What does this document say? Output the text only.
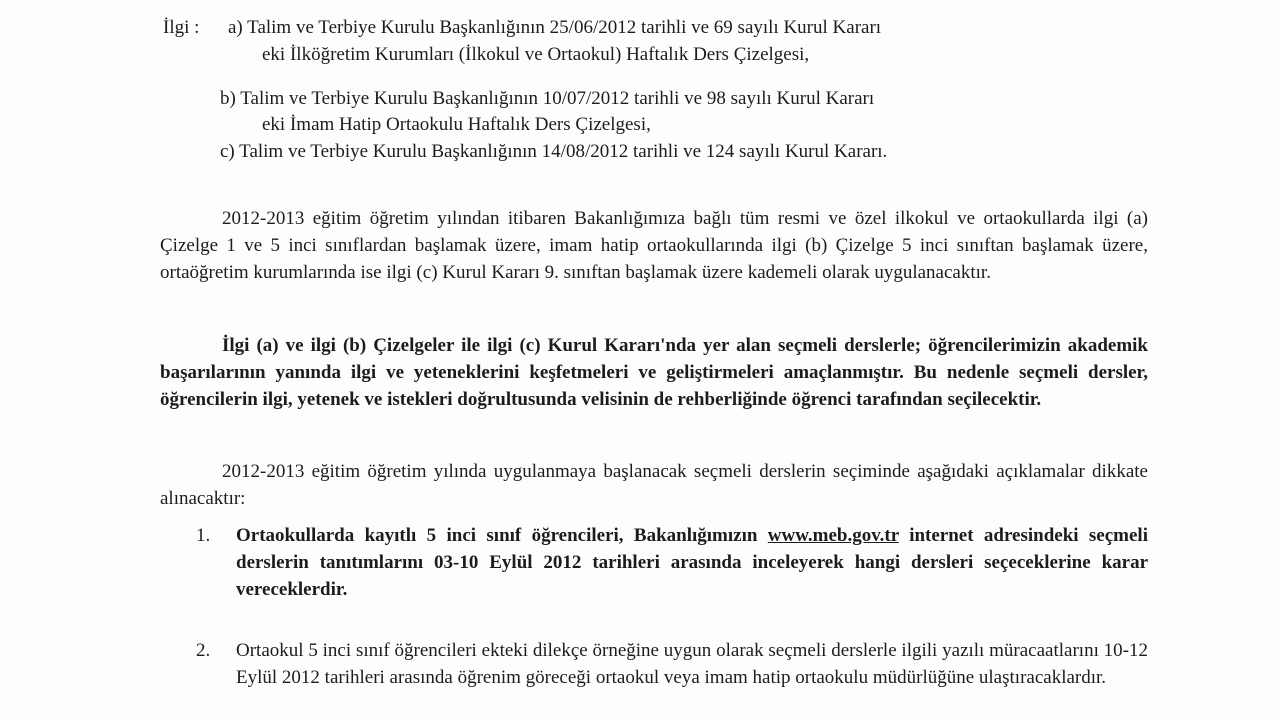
İlgi : a) Talim ve Terbiye Kurulu Başkanlığının 25/06/2012 tarihli ve 69 sayılı Kurul Kararı
eki İlköğretim Kurumları (İlkokul ve Ortaokul) Haftalık Ders Çizelgesi,
b) Talim ve Terbiye Kurulu Başkanlığının 10/07/2012 tarihli ve 98 sayılı Kurul Kararı
eki İmam Hatip Ortaokulu Haftalık Ders Çizelgesi,
c) Talim ve Terbiye Kurulu Başkanlığının 14/08/2012 tarihli ve 124 sayılı Kurul Kararı.

2012-2013 eğitim öğretim yılından itibaren Bakanlığımıza bağlı tüm resmi ve özel ilkokul ve ortaokullarda ilgi (a) Çizelge 1 ve 5 inci sınıflardan başlamak üzere, imam hatip ortaokullarında ilgi (b) Çizelge 5 inci sınıftan başlamak üzere, ortaöğretim kurumlarında ise ilgi (c) Kurul Kararı 9. sınıftan başlamak üzere kademeli olarak uygulanacaktır.

İlgi (a) ve ilgi (b) Çizelgeler ile ilgi (c) Kurul Kararı'nda yer alan seçmeli derslerle; öğrencilerimizin akademik başarılarının yanında ilgi ve yeteneklerini keşfetmeleri ve geliştirmeleri amaçlanmıştır. Bu nedenle seçmeli dersler, öğrencilerin ilgi, yetenek ve istekleri doğrultusunda velisinin de rehberliğinde öğrenci tarafından seçilecektir.

2012-2013 eğitim öğretim yılında uygulanmaya başlanacak seçmeli derslerin seçiminde aşağıdaki açıklamalar dikkate alınacaktır:

1. Ortaokullarda kayıtlı 5 inci sınıf öğrencileri, Bakanlığımızın www.meb.gov.tr internet adresindeki seçmeli derslerin tanıtımlarını 03-10 Eylül 2012 tarihleri arasında inceleyerek hangi dersleri seçeceklerine karar vereceklerdir.

2. Ortaokul 5 inci sınıf öğrencileri ekteki dilekçe örneğine uygun olarak seçmeli derslerle ilgili yazılı müracaatlarını 10-12 Eylül 2012 tarihleri arasında öğrenim göreceği ortaokul veya imam hatip ortaokulu müdürlüğüne ulaştıracaklardır.
